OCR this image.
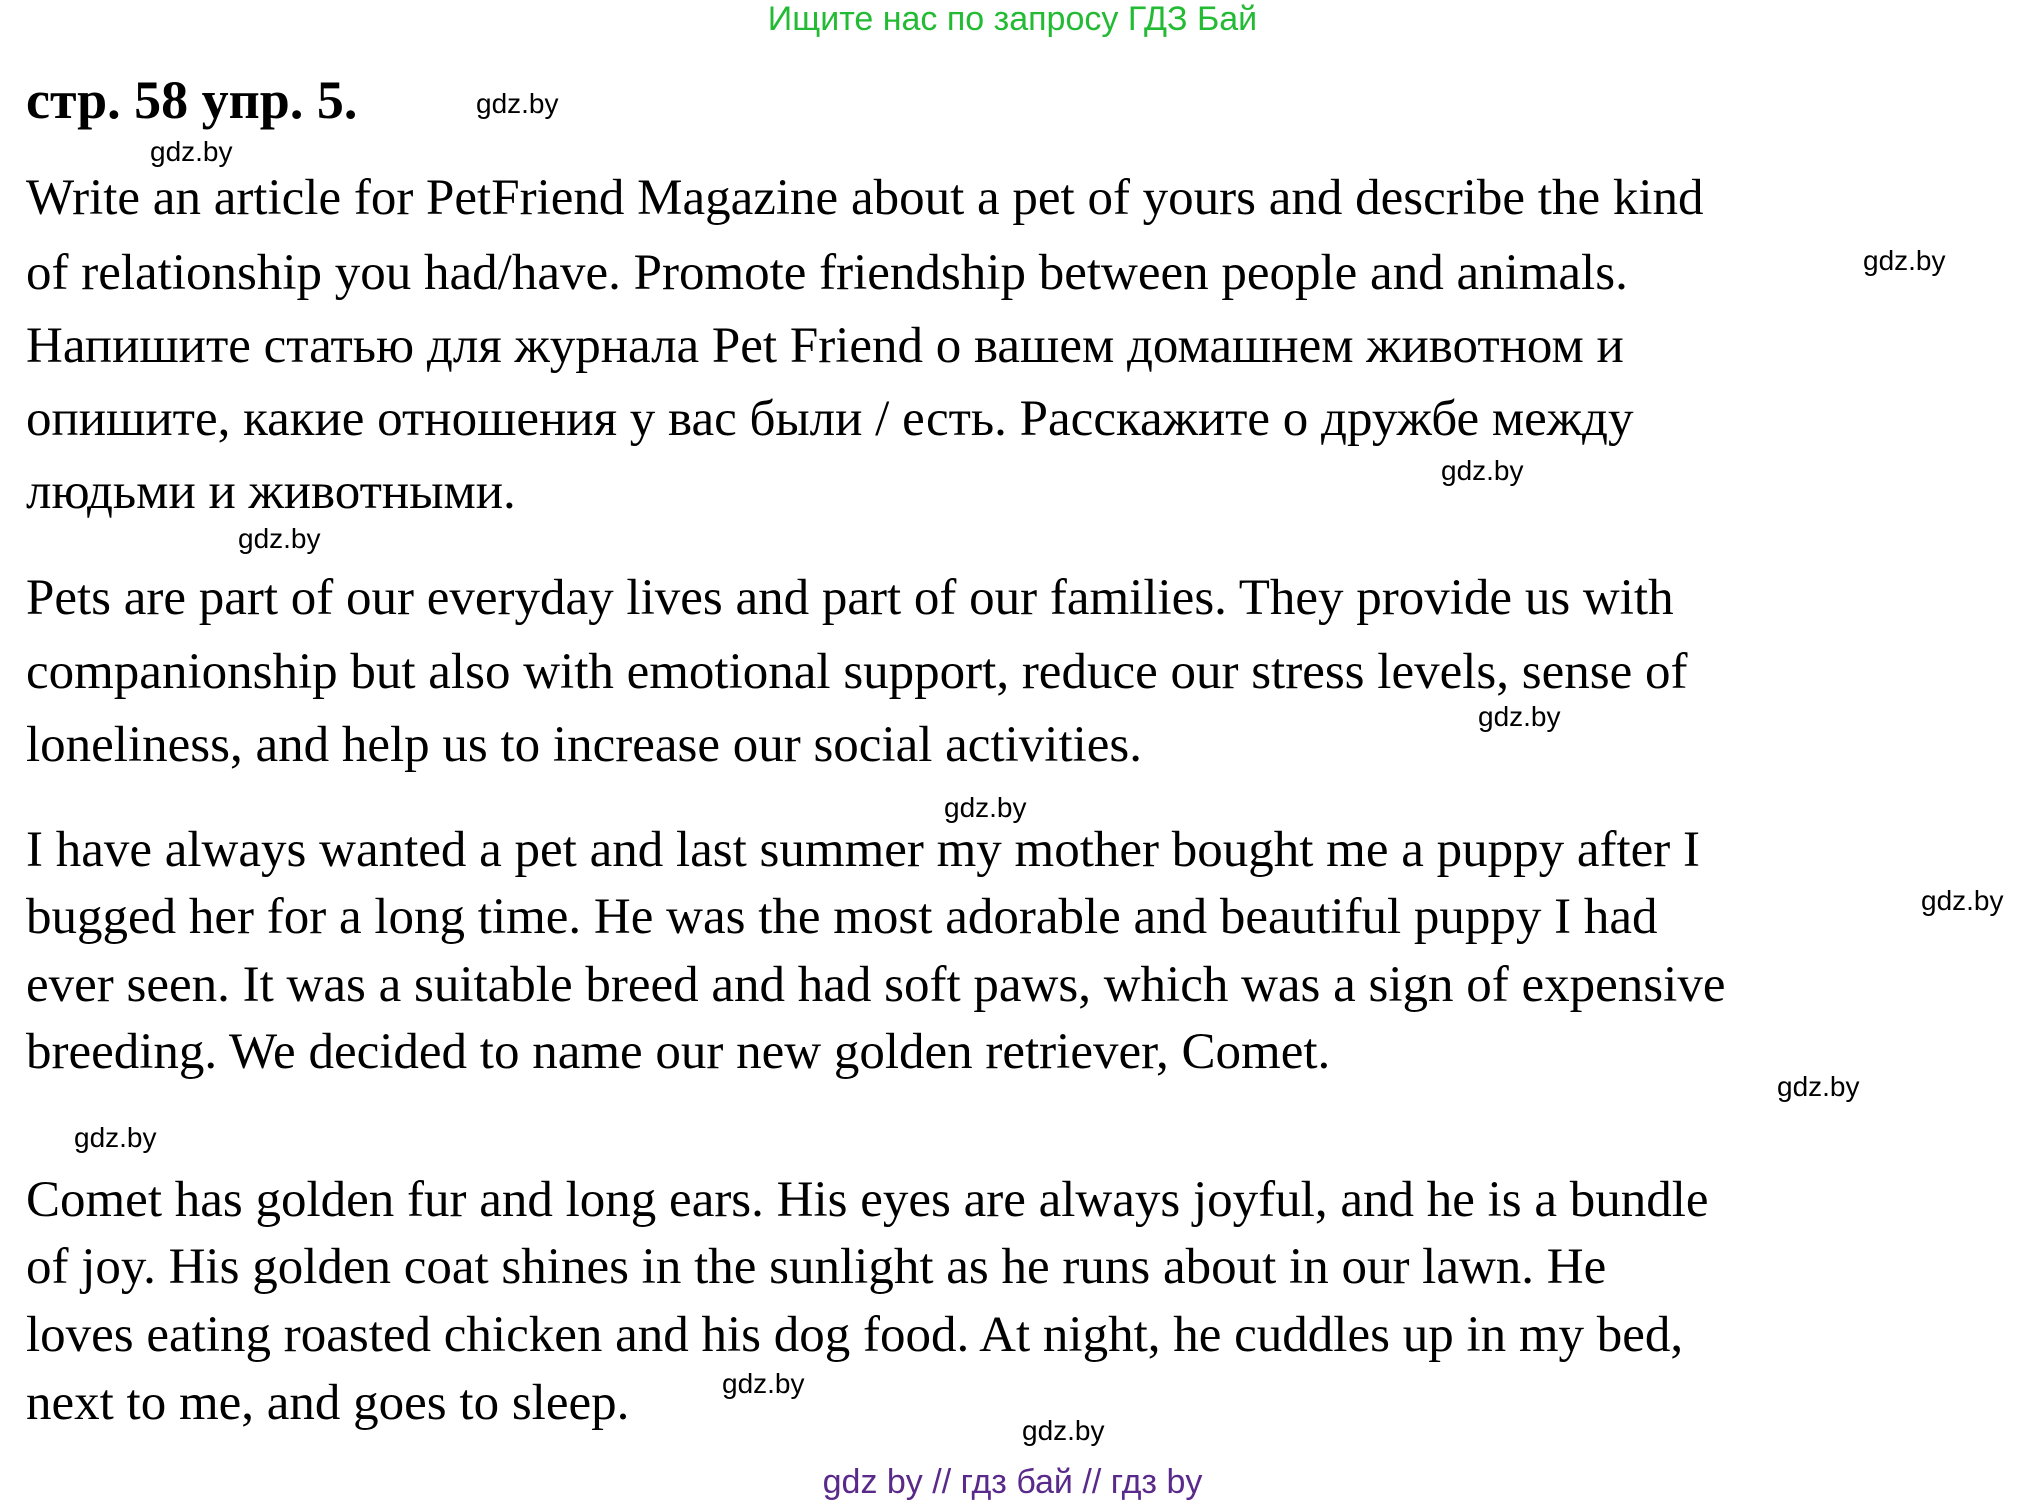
Ищите нас по запросу ГДЗ Бай
стр. 58 упр. 5.	gdz.by
gdz.by
Write an article for PetFriend Magazine about a pet of yours and describe the kind
of relationship you had/have. Promote friendship between people and animals.	gdz.by
Напишите статью для журнала Pet Friend о вашем домашнем животном и
опишите, какие отношения у вас были / есть. Расскажите о дружбе между
gdz.by
людьми и животными.
gdz.by
Pets are part of our everyday lives and part of our families. They provide us with
companionship but also with emotional support, reduce our stress levels, sense of
gdz.by
loneliness, and help us to increase our social activities.
gdz.by
I have always wanted a pet and last summer my mother bought me a puppy after I
gdz.by
bugged her for a long time. He was the most adorable and beautiful puppy I had
ever seen. It was a suitable breed and had soft paws, which was a sign of expensive
breeding. We decided to name our new golden retriever, Comet.
gdz.by
gdz.by
Comet has golden fur and long ears. His eyes are always joyful, and he is a bundle
of joy. His golden coat shines in the sunlight as he runs about in our lawn. He
loves eating roasted chicken and his dog food. At night, he cuddles up in my bed,
gdz.by
next to me, and goes to sleep.	gdz.by
gdz by // гдз бай // гдз by
